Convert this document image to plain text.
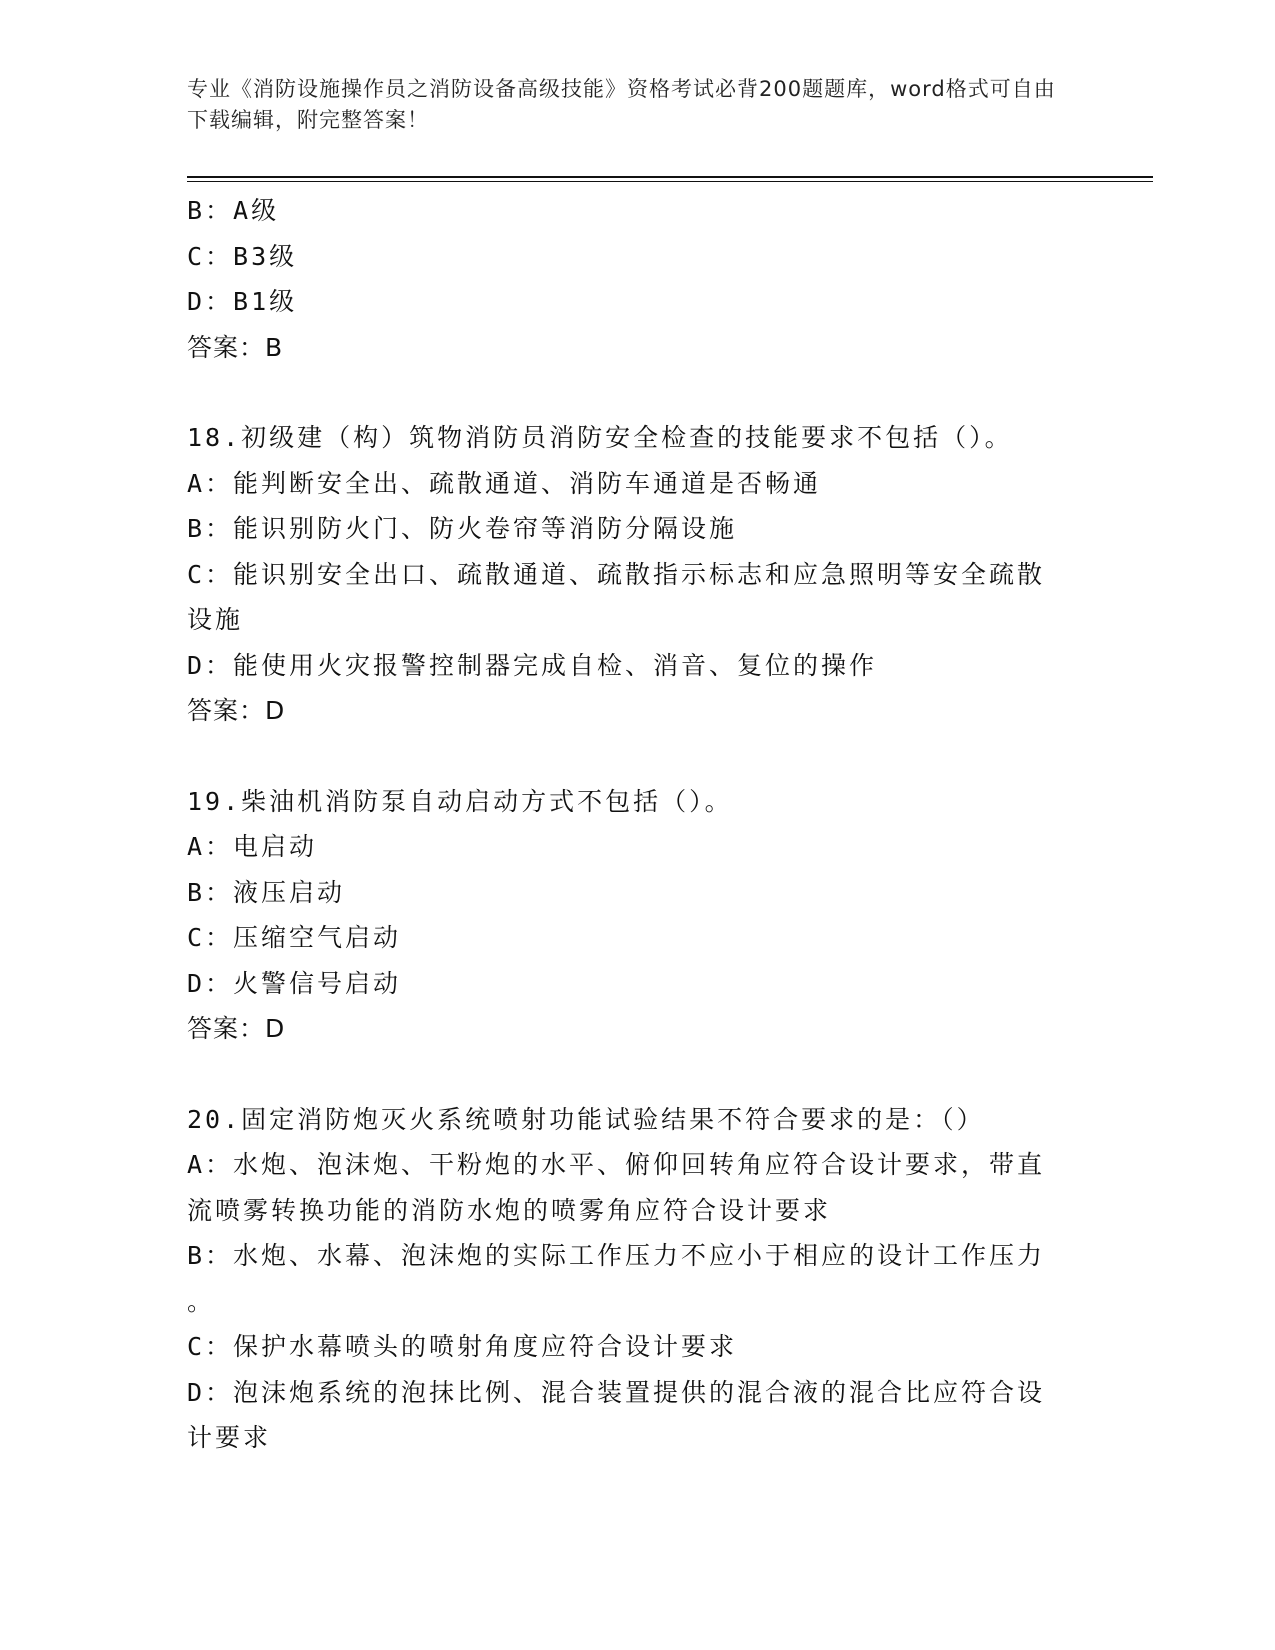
专业《消防设施操作员之消防设备高级技能》资格考试必背200题题库，word格式可自由下载编辑，附完整答案！
B：A级
C：B3级
D：B1级
答案：B
18.初级建（构）筑物消防员消防安全检查的技能要求不包括（）。
A：能判断安全出、疏散通道、消防车通道是否畅通
B：能识别防火门、防火卷帘等消防分隔设施
C：能识别安全出口、疏散通道、疏散指示标志和应急照明等安全疏散
设施
D：能使用火灾报警控制器完成自检、消音、复位的操作
答案：D
19.柴油机消防泵自动启动方式不包括（）。
A：电启动
B：液压启动
C：压缩空气启动
D：火警信号启动
答案：D
20.固定消防炮灭火系统喷射功能试验结果不符合要求的是：（）
A：水炮、泡沫炮、干粉炮的水平、俯仰回转角应符合设计要求，带直
流喷雾转换功能的消防水炮的喷雾角应符合设计要求
B：水炮、水幕、泡沫炮的实际工作压力不应小于相应的设计工作压力
。
C：保护水幕喷头的喷射角度应符合设计要求
D：泡沫炮系统的泡抹比例、混合装置提供的混合液的混合比应符合设
计要求
